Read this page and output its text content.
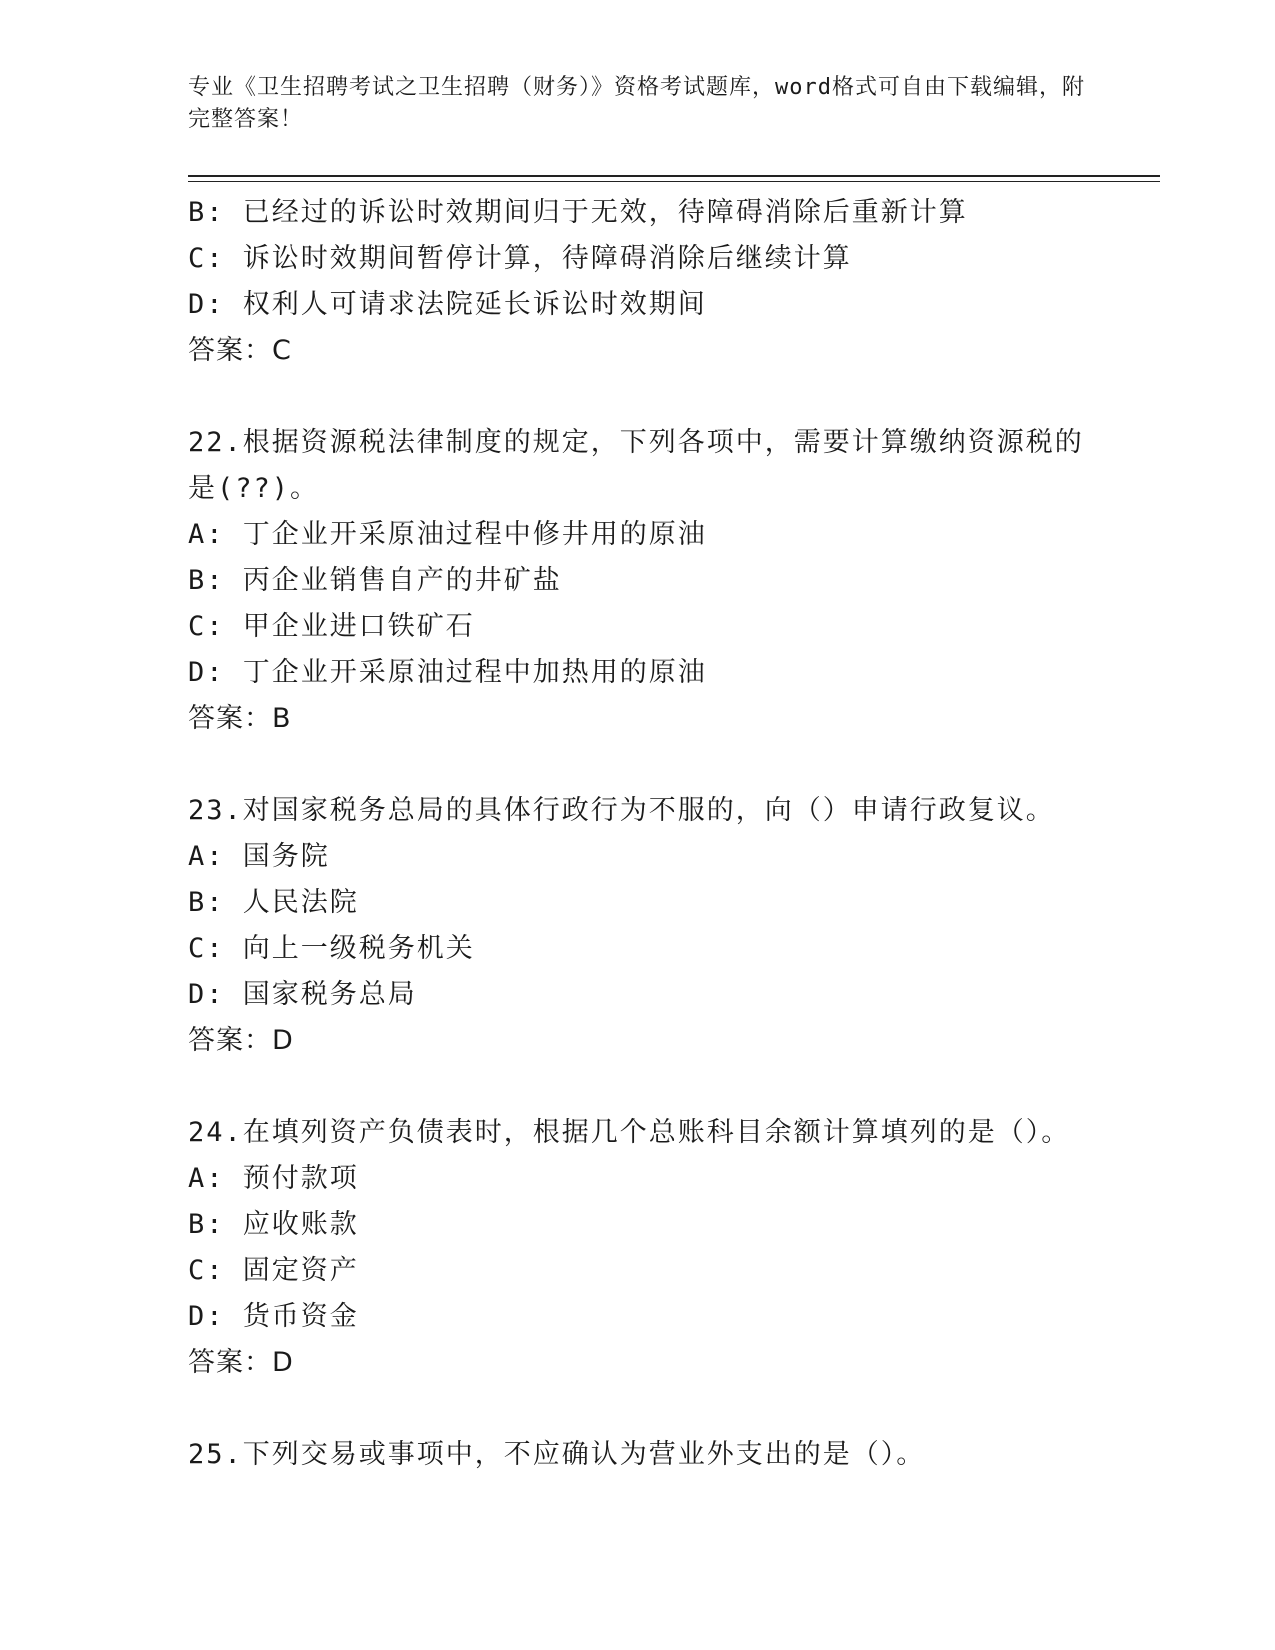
专业《卫生招聘考试之卫生招聘（财务）》资格考试题库，word格式可自由下载编辑，附完整答案！
B: 已经过的诉讼时效期间归于无效，待障碍消除后重新计算
C: 诉讼时效期间暂停计算，待障碍消除后继续计算
D: 权利人可请求法院延长诉讼时效期间
答案：C
22.根据资源税法律制度的规定，下列各项中，需要计算缴纳资源税的是(??)。
A: 丁企业开采原油过程中修井用的原油
B: 丙企业销售自产的井矿盐
C: 甲企业进口铁矿石
D: 丁企业开采原油过程中加热用的原油
答案：B
23.对国家税务总局的具体行政行为不服的，向（）申请行政复议。
A: 国务院
B: 人民法院
C: 向上一级税务机关
D: 国家税务总局
答案：D
24.在填列资产负债表时，根据几个总账科目余额计算填列的是（）。
A: 预付款项
B: 应收账款
C: 固定资产
D: 货币资金
答案：D
25.下列交易或事项中，不应确认为营业外支出的是（）。
